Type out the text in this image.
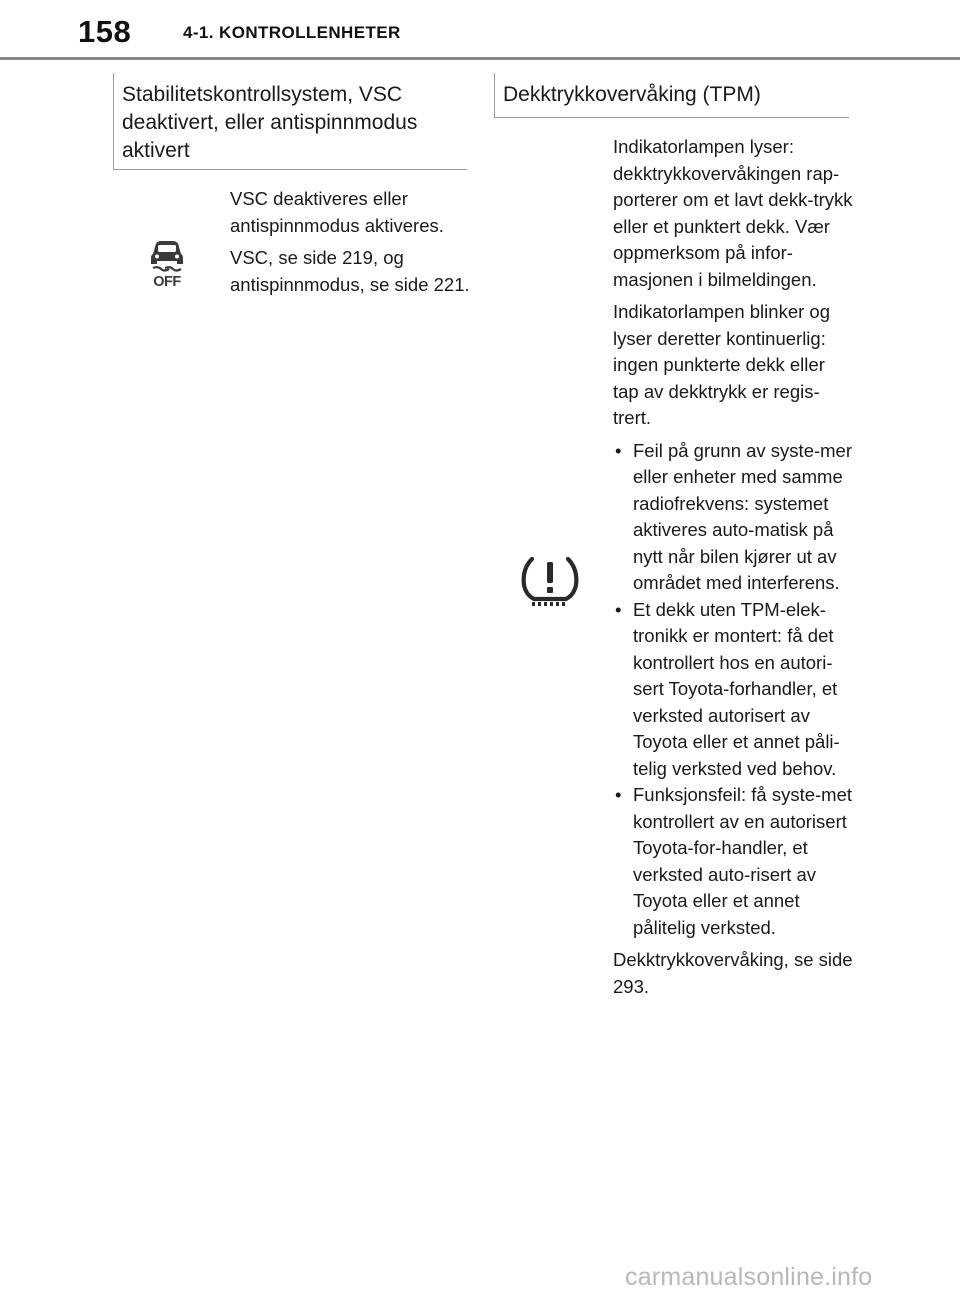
158	4-1. KONTROLLENHETER
Stabilitetskontrollsystem, VSC
deaktivert, eller antispinnmodus
aktivert
OFF

VSC deaktiveres eller antispinnmodus aktiveres.

VSC, se side 219, og antispinnmodus, se side 221.

Dekktrykkovervåking (TPM)

Indikatorlampen lyser: dekktrykkovervåkingen rap-porterer om et lavt dekk-trykk eller et punktert dekk. Vær oppmerksom på infor-masjonen i bilmeldingen.

Indikatorlampen blinker og lyser deretter kontinuerlig: ingen punkterte dekk eller tap av dekktrykk er regis-trert.

• Feil på grunn av syste-mer eller enheter med samme radiofrekvens: systemet aktiveres auto-matisk på nytt når bilen kjører ut av området med interferens.
• Et dekk uten TPM-elek-tronikk er montert: få det kontrollert hos en autori-sert Toyota-forhandler, et verksted autorisert av Toyota eller et annet påli-telig verksted ved behov.
• Funksjonsfeil: få syste-met kontrollert av en autorisert Toyota-for-handler, et verksted auto-risert av Toyota eller et annet pålitelig verksted.

Dekktrykkovervåking, se side 293.

carmanualsonline.info
